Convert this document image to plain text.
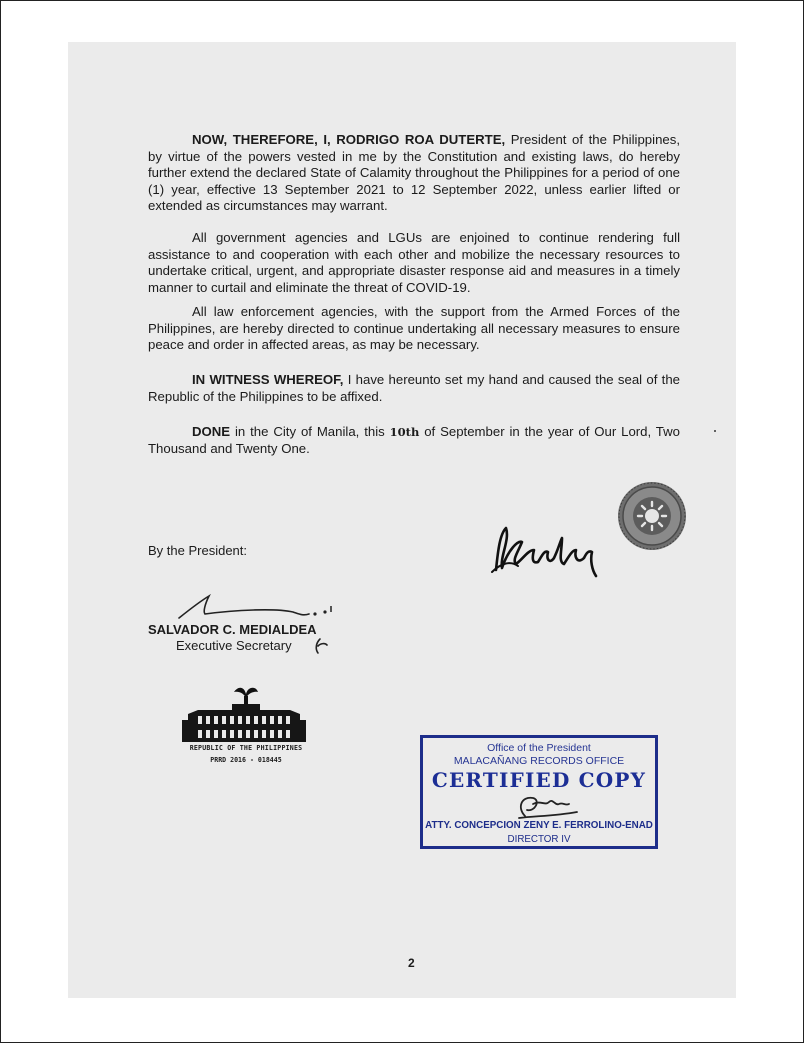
NOW, THEREFORE, I, RODRIGO ROA DUTERTE, President of the Philippines, by virtue of the powers vested in me by the Constitution and existing laws, do hereby further extend the declared State of Calamity throughout the Philippines for a period of one (1) year, effective 13 September 2021 to 12 September 2022, unless earlier lifted or extended as circumstances may warrant.

All government agencies and LGUs are enjoined to continue rendering full assistance to and cooperation with each other and mobilize the necessary resources to undertake critical, urgent, and appropriate disaster response aid and measures in a timely manner to curtail and eliminate the threat of COVID-19.

All law enforcement agencies, with the support from the Armed Forces of the Philippines, are hereby directed to continue undertaking all necessary measures to ensure peace and order in affected areas, as may be necessary.

IN WITNESS WHEREOF, I have hereunto set my hand and caused the seal of the Republic of the Philippines to be affixed.

DONE in the City of Manila, this 10th of September in the year of Our Lord, Two Thousand and Twenty One.

By the President:
SALVADOR C. MEDIALDEA
Executive Secretary
REPUBLIC OF THE PHILIPPINES
PRRD 2016 - 018445
Office of the President
MALACAÑANG RECORDS OFFICE
CERTIFIED COPY
ATTY. CONCEPCION ZENY E. FERROLINO-ENAD
DIRECTOR IV
2
